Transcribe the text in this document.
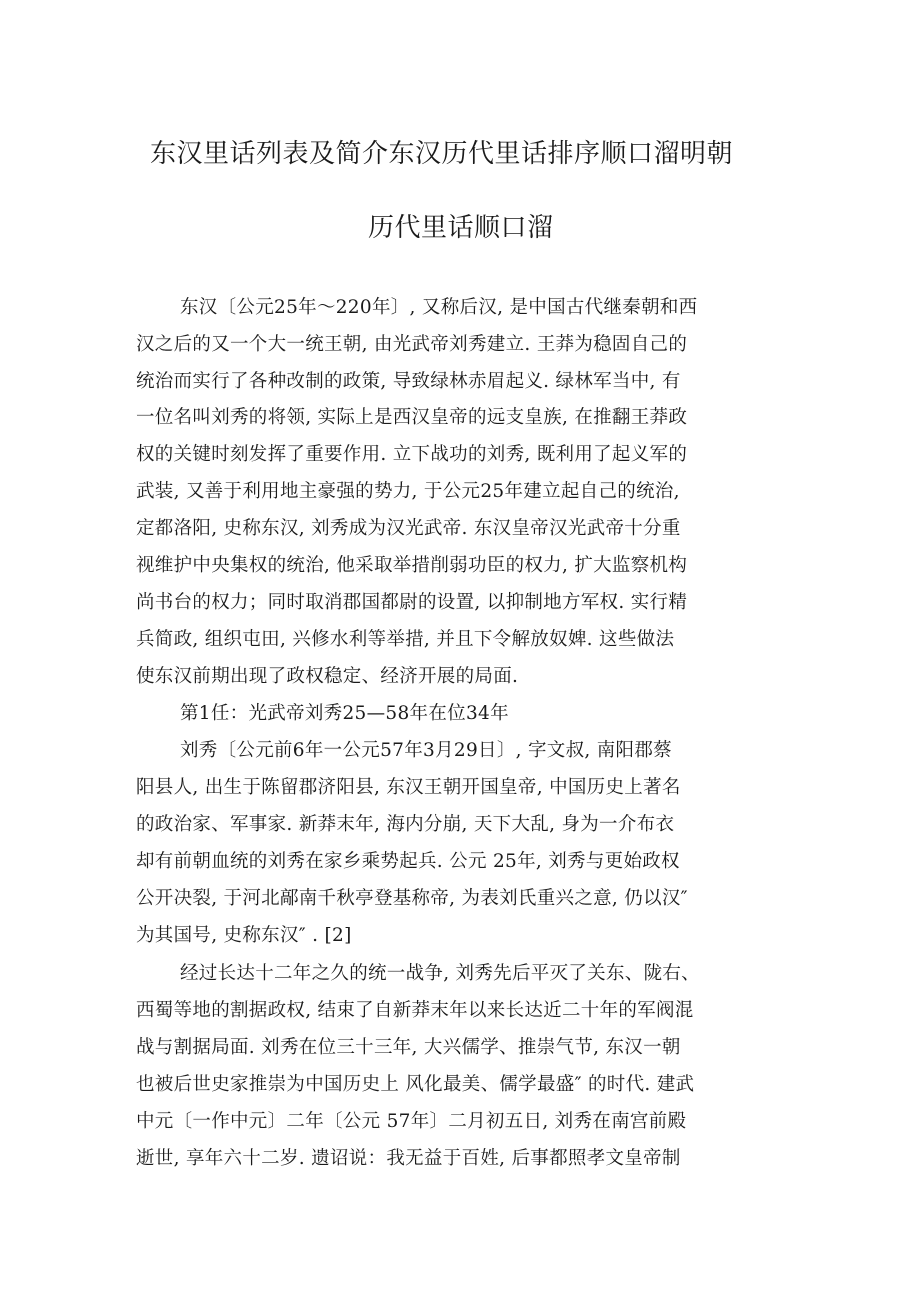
东汉里话列表及简介东汉历代里话排序顺口溜明朝
历代里话顺口溜
东汉〔公元25年～220年〕, 又称后汉, 是中国古代继秦朝和西
汉之后的又一个大一统王朝, 由光武帝刘秀建立. 王莽为稳固自己的
统治而实行了各种改制的政策, 导致绿林赤眉起义. 绿林军当中, 有
一位名叫刘秀的将领, 实际上是西汉皇帝的远支皇族, 在推翻王莽政
权的关键时刻发挥了重要作用. 立下战功的刘秀, 既利用了起义军的
武装, 又善于利用地主豪强的势力, 于公元25年建立起自己的统治,
定都洛阳, 史称东汉, 刘秀成为汉光武帝. 东汉皇帝汉光武帝十分重
视维护中央集权的统治, 他采取举措削弱功臣的权力, 扩大监察机构
尚书台的权力；同时取消郡国都尉的设置, 以抑制地方军权. 实行精
兵简政, 组织屯田, 兴修水利等举措, 并且下令解放奴婢. 这些做法
使东汉前期出现了政权稳定、经济开展的局面.
第1任：光武帝刘秀25—58年在位34年
刘秀〔公元前6年一公元57年3月29日〕, 字文叔, 南阳郡蔡
阳县人, 出生于陈留郡济阳县, 东汉王朝开国皇帝, 中国历史上著名
的政治家、军事家. 新莽末年, 海内分崩, 天下大乱, 身为一介布衣
却有前朝血统的刘秀在家乡乘势起兵. 公元 25年, 刘秀与更始政权
公开决裂, 于河北鄗南千秋亭登基称帝, 为表刘氏重兴之意, 仍以汉″
为其国号, 史称东汉″ . [2]
经过长达十二年之久的统一战争, 刘秀先后平灭了关东、陇右、
西蜀等地的割据政权, 结束了自新莽末年以来长达近二十年的军阀混
战与割据局面. 刘秀在位三十三年, 大兴儒学、推崇气节, 东汉一朝
也被后世史家推崇为中国历史上 风化最美、儒学最盛″ 的时代. 建武
中元〔一作中元〕二年〔公元 57年〕二月初五日, 刘秀在南宫前殿
逝世, 享年六十二岁. 遗诏说：我无益于百姓, 后事都照孝文皇帝制
